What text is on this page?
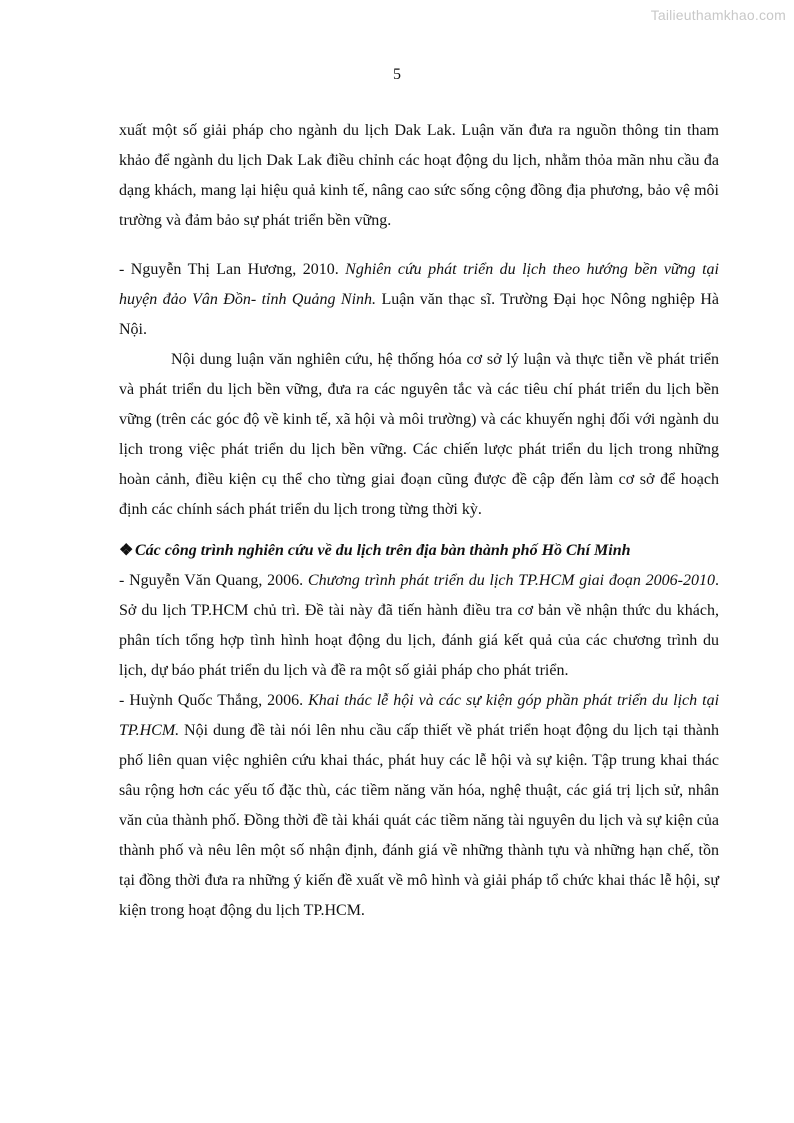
Tailieuthamkhao.com
5

xuất một số giải pháp cho ngành du lịch Dak Lak. Luận văn đưa ra nguồn thông tin tham khảo để ngành du lịch Dak Lak điều chỉnh các hoạt động du lịch, nhằm thỏa mãn nhu cầu đa dạng khách, mang lại hiệu quả kinh tế, nâng cao sức sống cộng đồng địa phương, bảo vệ môi trường và đảm bảo sự phát triển bền vững.

- Nguyễn Thị Lan Hương, 2010. Nghiên cứu phát triển du lịch theo hướng bền vững tại huyện đảo Vân Đồn- tỉnh Quảng Ninh. Luận văn thạc sĩ. Trường Đại học Nông nghiệp Hà Nội.

Nội dung luận văn nghiên cứu, hệ thống hóa cơ sở lý luận và thực tiễn về phát triển và phát triển du lịch bền vững, đưa ra các nguyên tắc và các tiêu chí phát triển du lịch bền vững (trên các góc độ về kinh tế, xã hội và môi trường) và các khuyến nghị đối với ngành du lịch trong việc phát triển du lịch bền vững. Các chiến lược phát triển du lịch trong những hoàn cảnh, điều kiện cụ thể cho từng giai đoạn cũng được đề cập đến làm cơ sở để hoạch định các chính sách phát triển du lịch trong từng thời kỳ.

❖ Các công trình nghiên cứu về du lịch trên địa bàn thành phố Hồ Chí Minh

- Nguyễn Văn Quang, 2006. Chương trình phát triển du lịch TP.HCM giai đoạn 2006-2010. Sở du lịch TP.HCM chủ trì. Đề tài này đã tiến hành điều tra cơ bản về nhận thức du khách, phân tích tổng hợp tình hình hoạt động du lịch, đánh giá kết quả của các chương trình du lịch, dự báo phát triển du lịch và đề ra một số giải pháp cho phát triển.

- Huỳnh Quốc Thắng, 2006. Khai thác lễ hội và các sự kiện góp phần phát triển du lịch tại TP.HCM. Nội dung đề tài nói lên nhu cầu cấp thiết về phát triển hoạt động du lịch tại thành phố liên quan việc nghiên cứu khai thác, phát huy các lễ hội và sự kiện. Tập trung khai thác sâu rộng hơn các yếu tố đặc thù, các tiềm năng văn hóa, nghệ thuật, các giá trị lịch sử, nhân văn của thành phố. Đồng thời đề tài khái quát các tiềm năng tài nguyên du lịch và sự kiện của thành phố và nêu lên một số nhận định, đánh giá về những thành tựu và những hạn chế, tồn tại đồng thời đưa ra những ý kiến đề xuất về mô hình và giải pháp tổ chức khai thác lễ hội, sự kiện trong hoạt động du lịch TP.HCM.
